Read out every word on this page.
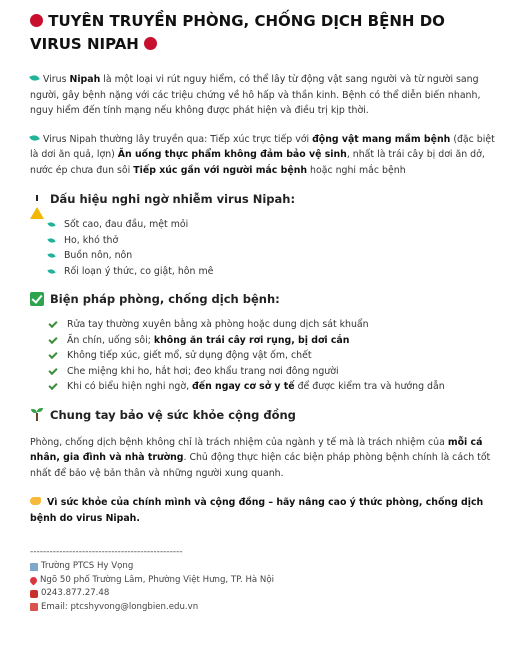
TUYÊN TRUYỀN PHÒNG, CHỐNG DỊCH BỆNH DO VIRUS NIPAH
Virus Nipah là một loại vi rút nguy hiểm, có thể lây từ động vật sang người và từ người sang người, gây bệnh nặng với các triệu chứng về hô hấp và thần kinh. Bệnh có thể diễn biến nhanh, nguy hiểm đến tính mạng nếu không được phát hiện và điều trị kịp thời.
Virus Nipah thường lây truyền qua: Tiếp xúc trực tiếp với động vật mang mầm bệnh (đặc biệt là dơi ăn quả, lợn) Ăn uống thực phẩm không đảm bảo vệ sinh, nhất là trái cây bị dơi ăn dở, nước ép chưa đun sôi Tiếp xúc gần với người mắc bệnh hoặc nghi mắc bệnh
Dấu hiệu nghi ngờ nhiễm virus Nipah:
Sốt cao, đau đầu, mệt mỏi
Ho, khó thở
Buồn nôn, nôn
Rối loạn ý thức, co giật, hôn mê
Biện pháp phòng, chống dịch bệnh:
Rửa tay thường xuyên bằng xà phòng hoặc dung dịch sát khuẩn
Ăn chín, uống sôi; không ăn trái cây rơi rụng, bị dơi cắn
Không tiếp xúc, giết mổ, sử dụng động vật ốm, chết
Che miệng khi ho, hắt hơi; đeo khẩu trang nơi đông người
Khi có biểu hiện nghi ngờ, đến ngay cơ sở y tế để được kiểm tra và hướng dẫn
Chung tay bảo vệ sức khỏe cộng đồng
Phòng, chống dịch bệnh không chỉ là trách nhiệm của ngành y tế mà là trách nhiệm của mỗi cá nhân, gia đình và nhà trường. Chủ động thực hiện các biện pháp phòng bệnh chính là cách tốt nhất để bảo vệ bản thân và những người xung quanh.
Vì sức khỏe của chính mình và cộng đồng – hãy nâng cao ý thức phòng, chống dịch bệnh do virus Nipah.
-----------------------------------------------
Trường PTCS Hy Vọng
Ngõ 50 phố Trường Lâm, Phường Việt Hưng, TP. Hà Nội
0243.877.27.48
Email: ptcshyvong@longbien.edu.vn
